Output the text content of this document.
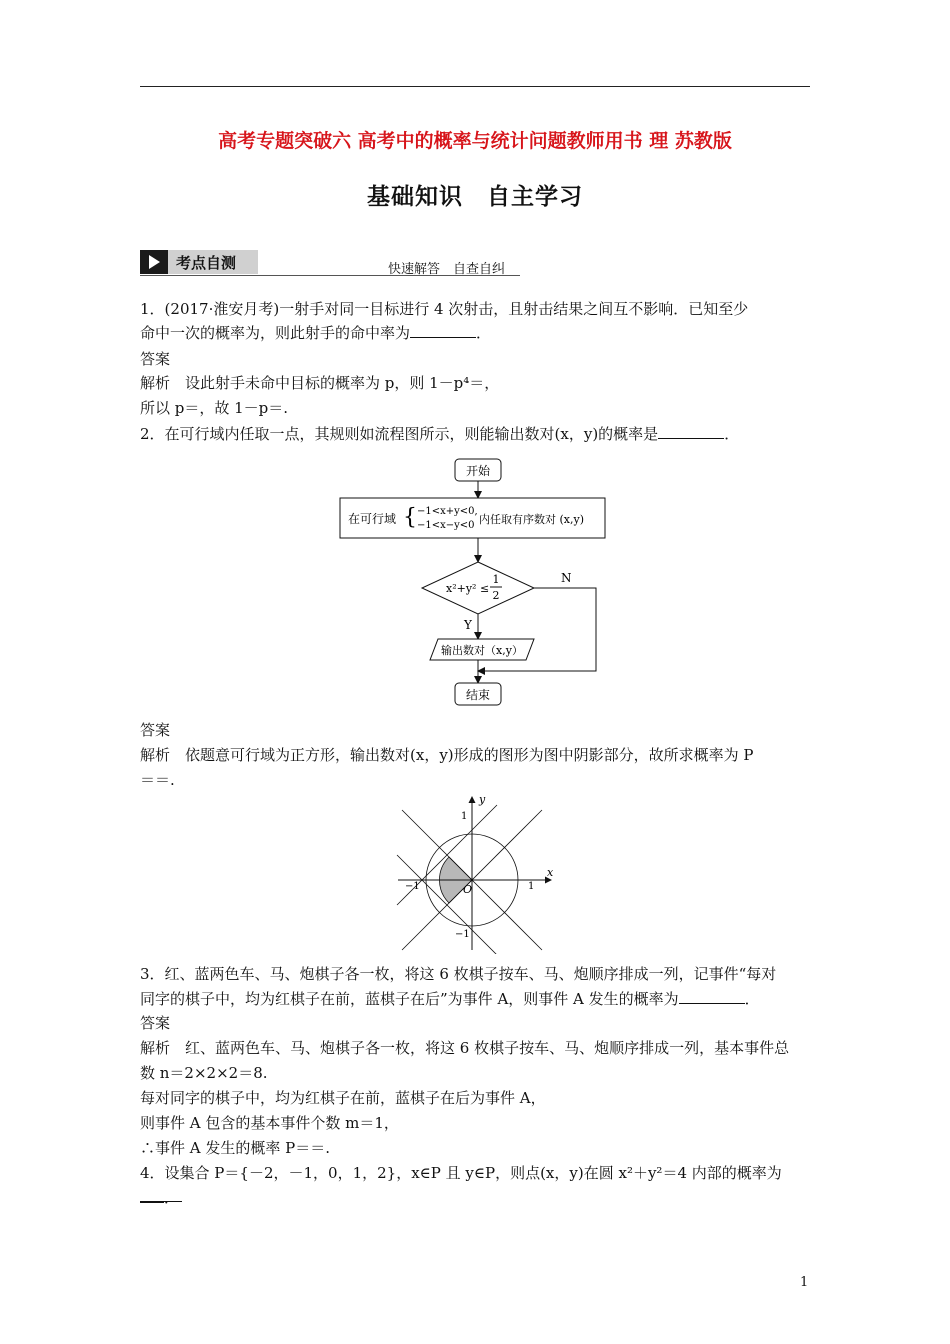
高考专题突破六 高考中的概率与统计问题教师用书 理 苏教版
基础知识　自主学习
考点自测	快速解答　自查自纠
1．(2017·淮安月考)一射手对同一目标进行 4 次射击，且射击结果之间互不影响．已知至少
命中一次的概率为，则此射手的命中率为	．
答案
解析　设此射手未命中目标的概率为 p，则 1－p⁴＝，
所以 p＝，故 1－p＝.
2．在可行域内任取一点，其规则如流程图所示，则能输出数对(x，y)的概率是	．
开始
在可行域 { −1<x+y<0,
−1<x−y<0 内任取有序数对 (x,y)
x²+y² ≤
1
2
N
Y
输出数对（x,y）
结束
答案
解析　依题意可行域为正方形，输出数对(x，y)形成的图形为图中阴影部分，故所求概率为 P
＝＝.
y
x
O
1
−1	1
−1
3．红、蓝两色车、马、炮棋子各一枚，将这 6 枚棋子按车、马、炮顺序排成一列，记事件“每对
同字的棋子中，均为红棋子在前，蓝棋子在后”为事件 A，则事件 A 发生的概率为	．
答案
解析　红、蓝两色车、马、炮棋子各一枚，将这 6 枚棋子按车、马、炮顺序排成一列，基本事件总
数 n＝2×2×2＝8.
每对同字的棋子中，均为红棋子在前，蓝棋子在后为事件 A，
则事件 A 包含的基本事件个数 m＝1，
∴事件 A 发生的概率 P＝＝.
4．设集合 P＝{－2，－1，0，1，2}，x∈P 且 y∈P，则点(x，y)在圆 x²＋y²＝4 内部的概率为
．
1
